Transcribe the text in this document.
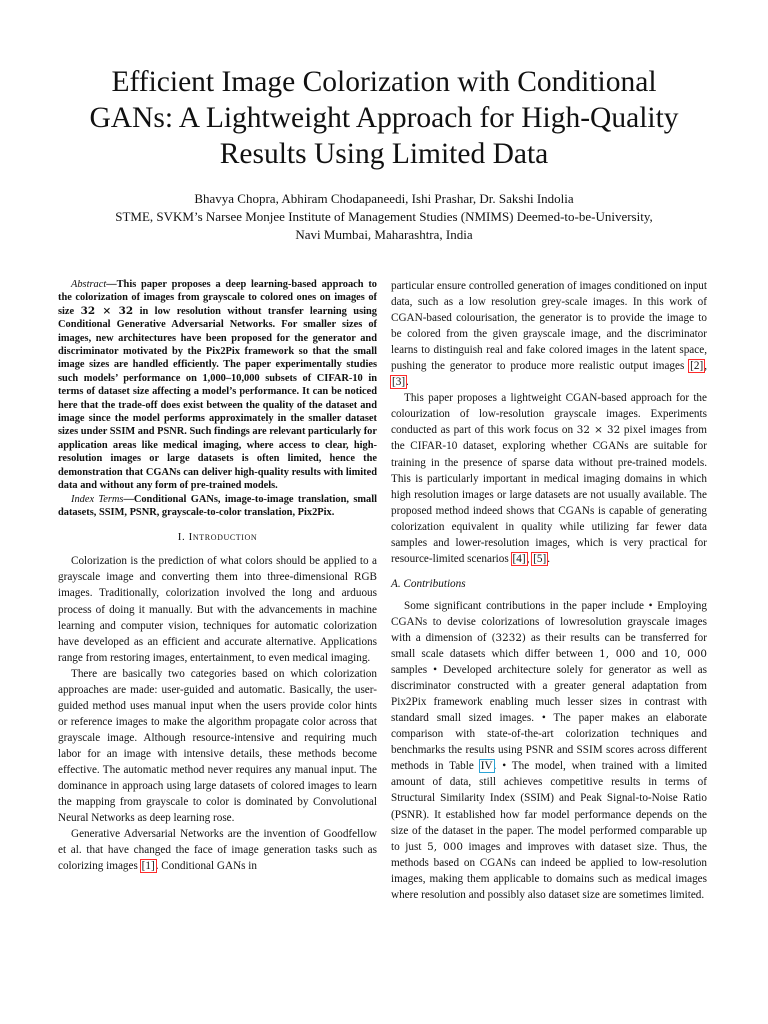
Efficient Image Colorization with Conditional
GANs: A Lightweight Approach for High-Quality
Results Using Limited Data
Bhavya Chopra, Abhiram Chodapaneedi, Ishi Prashar, Dr. Sakshi Indolia
STME, SVKM’s Narsee Monjee Institute of Management Studies (NMIMS) Deemed-to-be-University,
Navi Mumbai, Maharashtra, India

Abstract—This paper proposes a deep learning-based approach to the colorization of images from grayscale to colored ones on images of size 32 × 32 in low resolution without transfer learning using Conditional Generative Adversarial Networks. For smaller sizes of images, new architectures have been proposed for the generator and discriminator motivated by the Pix2Pix framework so that the small image sizes are handled efficiently. The paper experimentally studies such models’ performance on 1,000–10,000 subsets of CIFAR-10 in terms of dataset size affecting a model’s performance. It can be noticed here that the trade-off does exist between the quality of the dataset and image since the model performs approximately in the smaller dataset sizes under SSIM and PSNR. Such findings are relevant particularly for application areas like medical imaging, where access to clear, high-resolution images or large datasets is often limited, hence the demonstration that CGANs can deliver high-quality results with limited data and without any form of pre-trained models.

Index Terms—Conditional GANs, image-to-image translation, small datasets, SSIM, PSNR, grayscale-to-color translation, Pix2Pix.

I. Introduction

Colorization is the prediction of what colors should be applied to a grayscale image and converting them into three-dimensional RGB images. Traditionally, colorization involved the long and arduous process of doing it manually. But with the advancements in machine learning and computer vision, techniques for automatic colorization have developed as an efficient and accurate alternative. Applications range from restoring images, entertainment, to even medical imaging.

There are basically two categories based on which colorization approaches are made: user-guided and automatic. Basically, the user-guided method uses manual input when the users provide color hints or reference images to make the algorithm propagate color across that grayscale image. Although resource-intensive and requiring much labor for an image with intensive details, these methods become effective. The automatic method never requires any manual input. The dominance in approach using large datasets of colored images to learn the mapping from grayscale to color is dominated by Convolutional Neural Networks as deep learning rose.

Generative Adversarial Networks are the invention of Goodfellow et al. that have changed the face of image generation tasks such as colorizing images [1]. Conditional GANs in

particular ensure controlled generation of images conditioned on input data, such as a low resolution grey-scale images. In this work of CGAN-based colourisation, the generator is to provide the image to be colored from the given grayscale image, and the discriminator learns to distinguish real and fake colored images in the latent space, pushing the generator to produce more realistic output images [2], [3].

This paper proposes a lightweight CGAN-based approach for the colourization of low-resolution grayscale images. Experiments conducted as part of this work focus on 32 × 32 pixel images from the CIFAR-10 dataset, exploring whether CGANs are suitable for training in the presence of sparse data without pre-trained models. This is particularly important in medical imaging domains in which high resolution images or large datasets are not usually available. The proposed method indeed shows that CGANs is capable of generating colorization equivalent in quality while utilizing far fewer data samples and lower-resolution images, which is very practical for resource-limited scenarios [4], [5].

A. Contributions

Some significant contributions in the paper include • Employing CGANs to devise colorizations of lowresolution grayscale images with a dimension of (3232) as their results can be transferred for small scale datasets which differ between 1, 000 and 10, 000 samples • Developed architecture solely for generator as well as discriminator constructed with a greater general adaptation from Pix2Pix framework enabling much lesser sizes in contrast with standard small sized images. • The paper makes an elaborate comparison with state-of-the-art colorization techniques and benchmarks the results using PSNR and SSIM scores across different methods in Table IV. • The model, when trained with a limited amount of data, still achieves competitive results in terms of Structural Similarity Index (SSIM) and Peak Signal-to-Noise Ratio (PSNR). It established how far model performance depends on the size of the dataset in the paper. The model performed comparable up to just 5, 000 images and improves with dataset size. Thus, the methods based on CGANs can indeed be applied to low-resolution images, making them applicable to domains such as medical images where resolution and possibly also dataset size are sometimes limited.
